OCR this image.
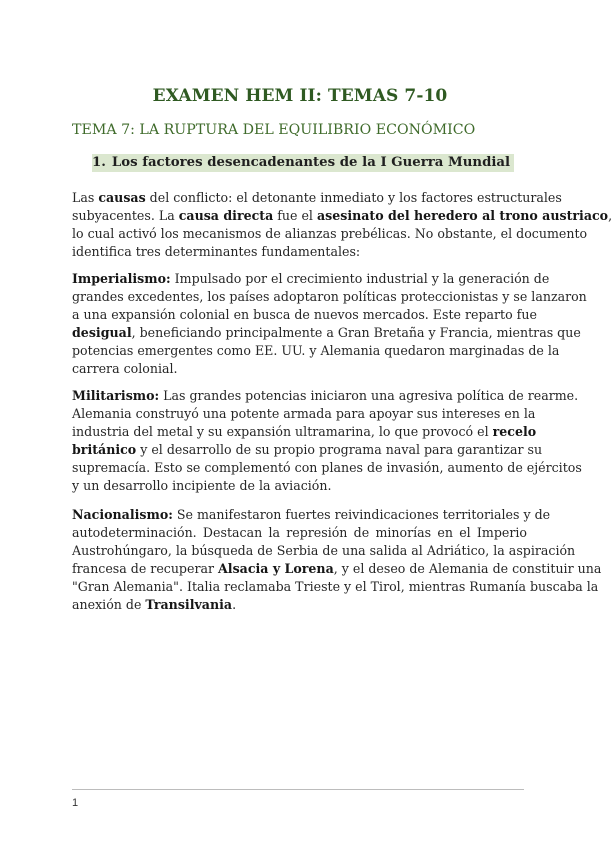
EXAMEN HEM II: TEMAS 7-10
TEMA 7: LA RUPTURA DEL EQUILIBRIO ECONÓMICO
1. Los factores desencadenantes de la I Guerra Mundial
Las causas del conflicto: el detonante inmediato y los factores estructurales
subyacentes. La causa directa fue el asesinato del heredero al trono austriaco,
lo cual activó los mecanismos de alianzas prebélicas. No obstante, el documento
identifica tres determinantes fundamentales:
Imperialismo: Impulsado por el crecimiento industrial y la generación de
grandes excedentes, los países adoptaron políticas proteccionistas y se lanzaron
a una expansión colonial en busca de nuevos mercados. Este reparto fue
desigual, beneficiando principalmente a Gran Bretaña y Francia, mientras que
potencias emergentes como EE. UU. y Alemania quedaron marginadas de la
carrera colonial.
Militarismo: Las grandes potencias iniciaron una agresiva política de rearme.
Alemania construyó una potente armada para apoyar sus intereses en la
industria del metal y su expansión ultramarina, lo que provocó el recelo
británico y el desarrollo de su propio programa naval para garantizar su
supremacía. Esto se complementó con planes de invasión, aumento de ejércitos
y un desarrollo incipiente de la aviación.
Nacionalismo: Se manifestaron fuertes reivindicaciones territoriales y de
autodeterminación. Destacan la represión de minorías en el Imperio
Austrohúngaro, la búsqueda de Serbia de una salida al Adriático, la aspiración
francesa de recuperar Alsacia y Lorena, y el deseo de Alemania de constituir una
"Gran Alemania". Italia reclamaba Trieste y el Tirol, mientras Rumanía buscaba la
anexión de Transilvania.
1
